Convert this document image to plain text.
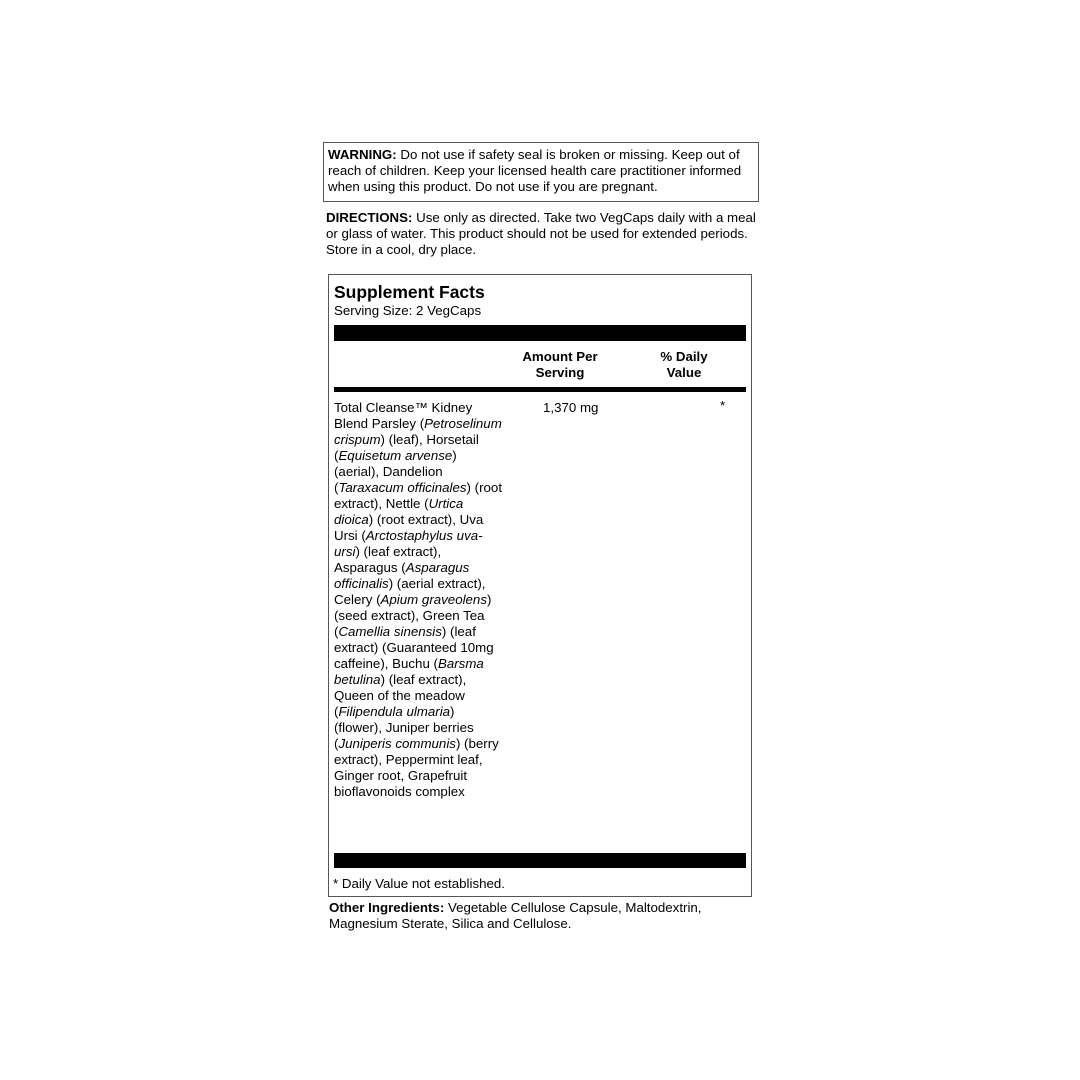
WARNING: Do not use if safety seal is broken or missing. Keep out of reach of children. Keep your licensed health care practitioner informed when using this product. Do not use if you are pregnant.
DIRECTIONS: Use only as directed. Take two VegCaps daily with a meal or glass of water. This product should not be used for extended periods. Store in a cool, dry place.
Supplement Facts
Serving Size: 2 VegCaps
Amount Per
Serving
% Daily
Value
Total Cleanse™ Kidney Blend Parsley (Petroselinum crispum) (leaf), Horsetail (Equisetum arvense) (aerial), Dandelion (Taraxacum officinales) (root extract), Nettle (Urtica dioica) (root extract), Uva Ursi (Arctostaphylus uva-ursi) (leaf extract), Asparagus (Asparagus officinalis) (aerial extract), Celery (Apium graveolens) (seed extract), Green Tea (Camellia sinensis) (leaf extract) (Guaranteed 10mg caffeine), Buchu (Barsma betulina) (leaf extract), Queen of the meadow (Filipendula ulmaria) (flower), Juniper berries (Juniperis communis) (berry extract), Peppermint leaf, Ginger root, Grapefruit bioflavonoids complex
1,370 mg	*
* Daily Value not established.
Other Ingredients: Vegetable Cellulose Capsule, Maltodextrin, Magnesium Sterate, Silica and Cellulose.
